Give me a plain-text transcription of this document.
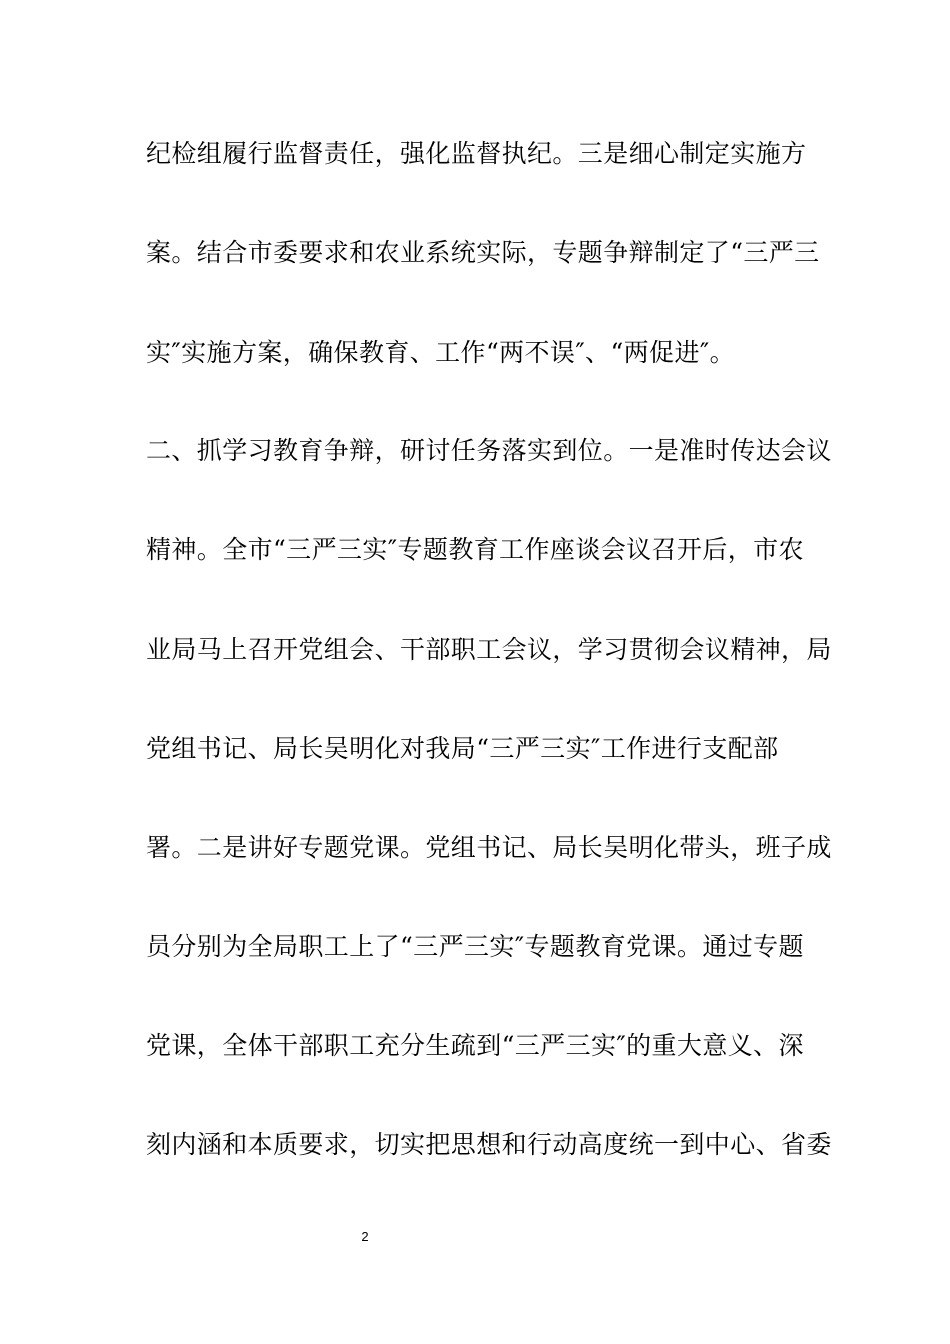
纪检组履行监督责任，强化监督执纪。三是细心制定实施方
案。结合市委要求和农业系统实际，专题争辩制定了“三严三
实″实施方案，确保教育、工作“两不误″、“两促进″。
二、抓学习教育争辩，研讨任务落实到位。一是准时传达会议
精神。全市“三严三实″专题教育工作座谈会议召开后，市农
业局马上召开党组会、干部职工会议，学习贯彻会议精神，局
党组书记、局长吴明化对我局“三严三实″工作进行支配部
署。二是讲好专题党课。党组书记、局长吴明化带头，班子成
员分别为全局职工上了“三严三实″专题教育党课。通过专题
党课，全体干部职工充分生疏到“三严三实″的重大意义、深
刻内涵和本质要求，切实把思想和行动高度统一到中心、省委
2
